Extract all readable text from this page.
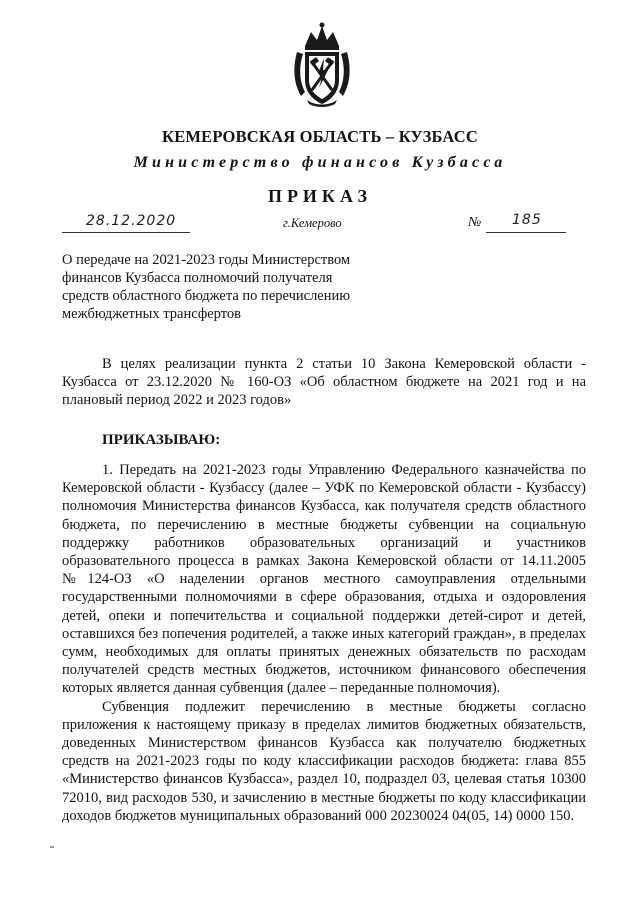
КЕМЕРОВСКАЯ ОБЛАСТЬ – КУЗБАСС
Министерство финансов Кузбасса
ПРИКАЗ
28.12.2020	г.Кемерово	№ 185
О передаче на 2021-2023 годы Министерством
финансов Кузбасса полномочий получателя
средств областного бюджета по перечислению
межбюджетных трансфертов

В целях реализации пункта 2 статьи 10 Закона Кемеровской области - Кузбасса от 23.12.2020 № 160-ОЗ «Об областном бюджете на 2021 год и на плановый период 2022 и 2023 годов»

ПРИКАЗЫВАЮ:

1. Передать на 2021-2023 годы Управлению Федерального казначейства по Кемеровской области - Кузбассу (далее – УФК по Кемеровской области - Кузбассу) полномочия Министерства финансов Кузбасса, как получателя средств областного бюджета, по перечислению в местные бюджеты субвенции на социальную поддержку работников образовательных организаций и участников образовательного процесса в рамках Закона Кемеровской области от 14.11.2005 №124-ОЗ «О наделении органов местного самоуправления отдельными государственными полномочиями в сфере образования, отдыха и оздоровления детей, опеки и попечительства и социальной поддержки детей-сирот и детей, оставшихся без попечения родителей, а также иных категорий граждан», в пределах сумм, необходимых для оплаты принятых денежных обязательств по расходам получателей средств местных бюджетов, источником финансового обеспечения которых является данная субвенция (далее – переданные полномочия).

Субвенция подлежит перечислению в местные бюджеты согласно приложения к настоящему приказу в пределах лимитов бюджетных обязательств, доведенных Министерством финансов Кузбасса как получателю бюджетных средств на 2021-2023 годы по коду классификации расходов бюджета: глава 855 «Министерство финансов Кузбасса», раздел 10, подраздел 03, целевая статья 10300 72010, вид расходов 530, и зачислению в местные бюджеты по коду классификации доходов бюджетов муниципальных образований 000 20230024 04(05, 14) 0000 150.
